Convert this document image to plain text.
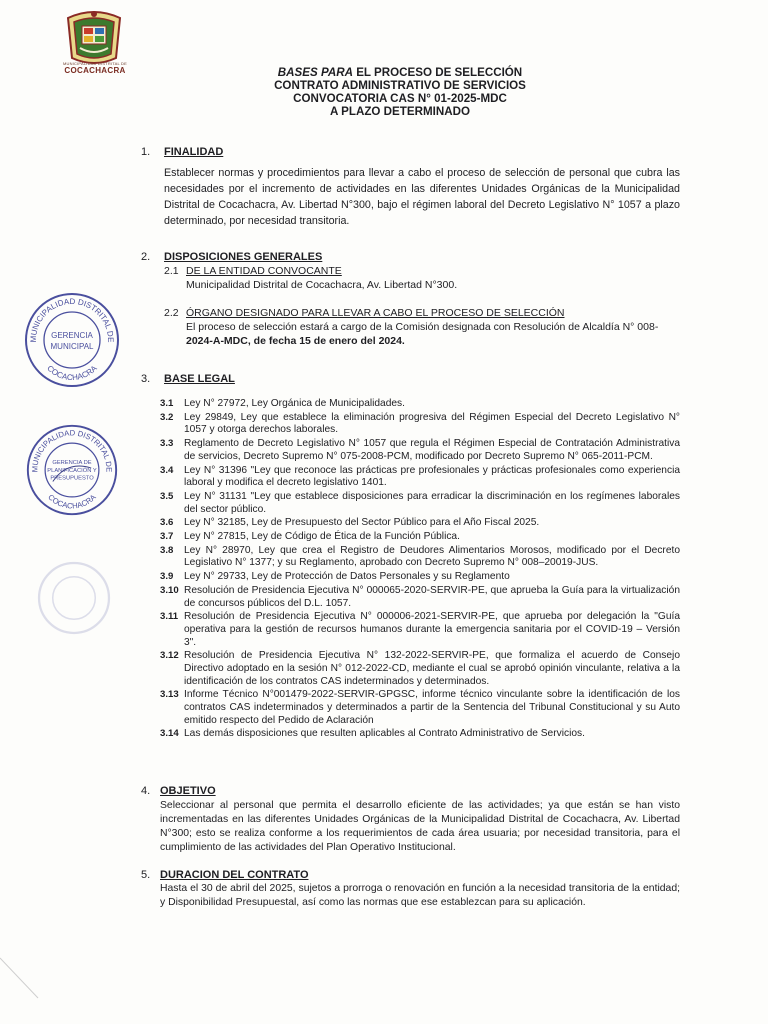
MUNICIPALIDAD DISTRITAL DE
COCACHACRA	BASES PARA EL PROCESO DE SELECCIÓN
CONTRATO ADMINISTRATIVO DE SERVICIOS
CONVOCATORIA CAS N° 01-2025-MDC
A PLAZO DETERMINADO
1. FINALIDAD
Establecer normas y procedimientos para llevar a cabo el proceso de selección de personal que cubra las necesidades por el incremento de actividades en las diferentes Unidades Orgánicas de la Municipalidad Distrital de Cocachacra, Av. Libertad N°300, bajo el régimen laboral del Decreto Legislativo N° 1057 a plazo determinado, por necesidad transitoria.
2. DISPOSICIONES GENERALES
2.1 DE LA ENTIDAD CONVOCANTE
Municipalidad Distrital de Cocachacra, Av. Libertad N°300.
2.2 ÓRGANO DESIGNADO PARA LLEVAR A CABO EL PROCESO DE SELECCIÓN
El proceso de selección estará a cargo de la Comisión designada con Resolución de Alcaldía N° 008-
2024-A-MDC, de fecha 15 de enero del 2024.
3. BASE LEGAL
3.1 Ley N° 27972, Ley Orgánica de Municipalidades.
3.2 Ley 29849, Ley que establece la eliminación progresiva del Régimen Especial del Decreto Legislativo N° 1057 y otorga derechos laborales.
3.3 Reglamento de Decreto Legislativo N° 1057 que regula el Régimen Especial de Contratación Administrativa de servicios, Decreto Supremo N° 075-2008-PCM, modificado por Decreto Supremo N° 065-2011-PCM.
3.4 Ley N° 31396 "Ley que reconoce las prácticas pre profesionales y prácticas profesionales como experiencia laboral y modifica el decreto legislativo 1401.
3.5 Ley N° 31131 "Ley que establece disposiciones para erradicar la discriminación en los regímenes laborales del sector público.
3.6 Ley N° 32185, Ley de Presupuesto del Sector Público para el Año Fiscal 2025.
3.7 Ley N° 27815, Ley de Código de Ética de la Función Pública.
3.8 Ley N° 28970, Ley que crea el Registro de Deudores Alimentarios Morosos, modificado por el Decreto Legislativo N° 1377; y su Reglamento, aprobado con Decreto Supremo N° 008–20019-JUS.
3.9 Ley N° 29733, Ley de Protección de Datos Personales y su Reglamento
3.10 Resolución de Presidencia Ejecutiva N° 000065-2020-SERVIR-PE, que aprueba la Guía para la virtualización de concursos públicos del D.L. 1057.
3.11 Resolución de Presidencia Ejecutiva N° 000006-2021-SERVIR-PE, que aprueba por delegación la "Guía operativa para la gestión de recursos humanos durante la emergencia sanitaria por el COVID-19 – Versión 3".
3.12 Resolución de Presidencia Ejecutiva N° 132-2022-SERVIR-PE, que formaliza el acuerdo de Consejo Directivo adoptado en la sesión N° 012-2022-CD, mediante el cual se aprobó opinión vinculante, relativa a la identificación de los contratos CAS indeterminados y determinados.
3.13 Informe Técnico N°001479-2022-SERVIR-GPGSC, informe técnico vinculante sobre la identificación de los contratos CAS indeterminados y determinados a partir de la Sentencia del Tribunal Constitucional y su Auto emitido respecto del Pedido de Aclaración
3.14 Las demás disposiciones que resulten aplicables al Contrato Administrativo de Servicios.
4. OBJETIVO
Seleccionar al personal que permita el desarrollo eficiente de las actividades; ya que están se han visto incrementadas en las diferentes Unidades Orgánicas de la Municipalidad Distrital de Cocachacra, Av. Libertad N°300; esto se realiza conforme a los requerimientos de cada área usuaria; por necesidad transitoria, para el cumplimiento de las actividades del Plan Operativo Institucional.
5. DURACION DEL CONTRATO
Hasta el 30 de abril del 2025, sujetos a prorroga o renovación en función a la necesidad transitoria de la entidad; y Disponibilidad Presupuestal, así como las normas que ese establezcan para su aplicación.
MUNICIPALIDAD DISTRITAL DE
COCACHACRA
GERENCIA
MUNICIPAL
MUNICIPALIDAD DISTRITAL DE
COCACHACRA
GERENCIA DE
PLANIFICACIÓN Y
PRESUPUESTO
